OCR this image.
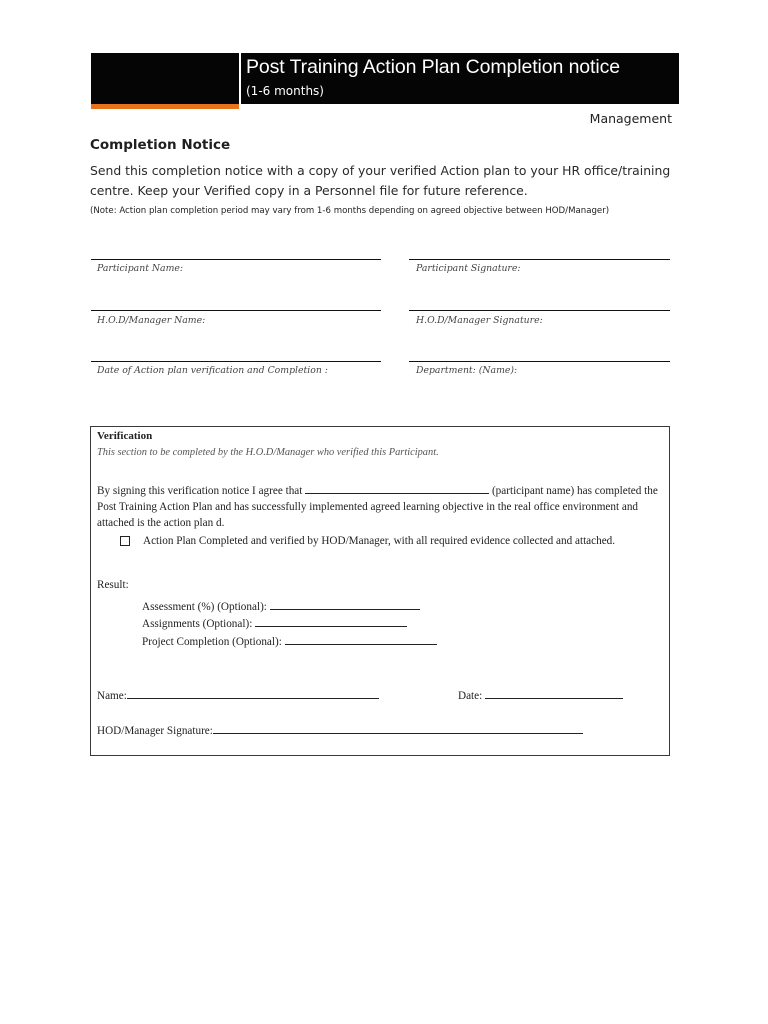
Post Training Action Plan Completion notice
(1-6 months)
Management
Completion Notice
Send this completion notice with a copy of your verified Action plan to your HR office/training centre. Keep your Verified copy in a Personnel file for future reference.
(Note: Action plan completion period may vary from 1-6 months depending on agreed objective between HOD/Manager)
Participant Name:	Participant Signature:
H.O.D/Manager Name:	H.O.D/Manager Signature:
Date of Action plan verification and Completion :	Department: (Name):
Verification
This section to be completed by the H.O.D/Manager who verified this Participant.
By signing this verification notice I agree that	(participant name) has completed the Post Training Action Plan and has successfully implemented agreed learning objective in the real office environment and attached is the action plan d.
Action Plan Completed and verified by HOD/Manager, with all required evidence collected and attached.
Result:
Assessment (%) (Optional):
Assignments (Optional):
Project Completion (Optional):
Name:	Date:
HOD/Manager Signature:
